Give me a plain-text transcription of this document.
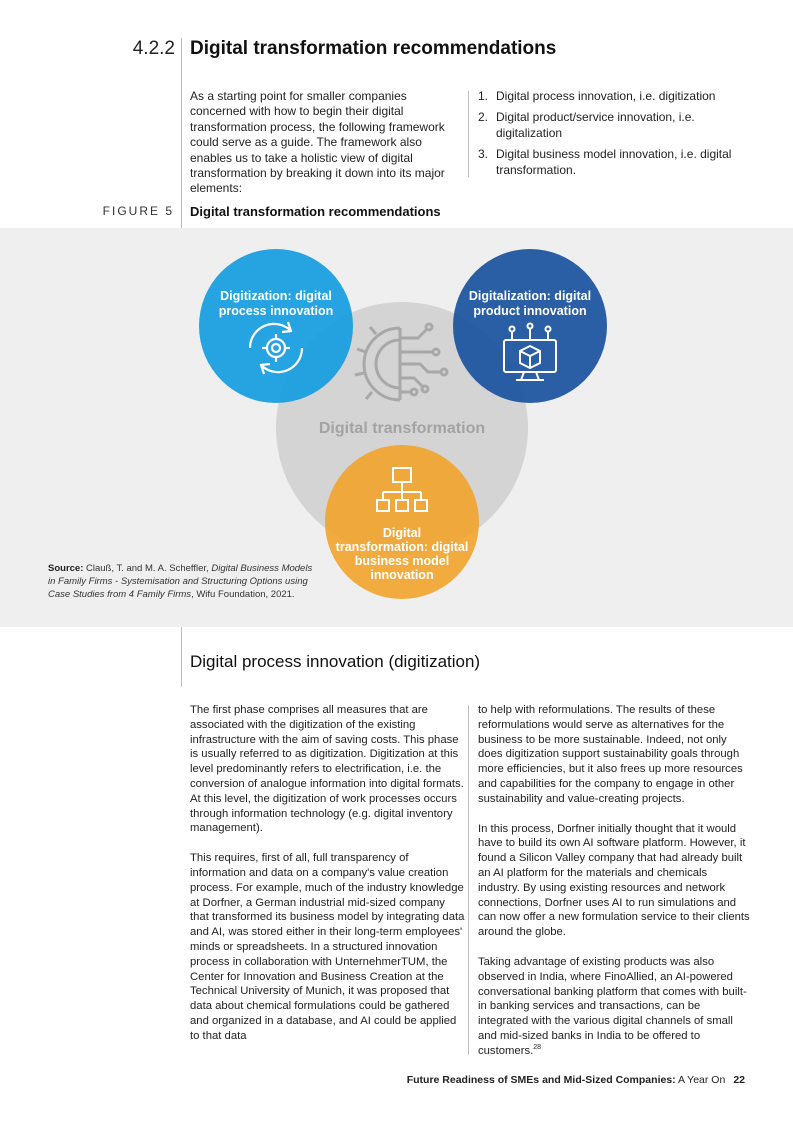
4.2.2 Digital transformation recommendations
As a starting point for smaller companies concerned with how to begin their digital transformation process, the following framework could serve as a guide. The framework also enables us to take a holistic view of digital transformation by breaking it down into its major elements:
1. Digital process innovation, i.e. digitization
2. Digital product/service innovation, i.e. digitalization
3. Digital business model innovation, i.e. digital transformation.
FIGURE 5 Digital transformation recommendations
Digitization: digital
process innovation
Digitalization: digital
product innovation
Digital transformation
Digital
transformation: digital
business model
innovation
Source: Clauß, T. and M. A. Scheffler, Digital Business Models in Family Firms - Systemisation and Structuring Options using Case Studies from 4 Family Firms, Wifu Foundation, 2021.
Digital process innovation (digitization)

The first phase comprises all measures that are associated with the digitization of the existing infrastructure with the aim of saving costs. This phase is usually referred to as digitization. Digitization at this level predominantly refers to electrification, i.e. the conversion of analogue information into digital formats. At this level, the digitization of work processes occurs through information technology (e.g. digital inventory management).

This requires, first of all, full transparency of information and data on a company's value creation process. For example, much of the industry knowledge at Dorfner, a German industrial mid-sized company that transformed its business model by integrating data and AI, was stored either in their long-term employees' minds or spreadsheets. In a structured innovation process in collaboration with UnternehmerTUM, the Center for Innovation and Business Creation at the Technical University of Munich, it was proposed that data about chemical formulations could be gathered and organized in a database, and AI could be applied to that data

to help with reformulations. The results of these reformulations would serve as alternatives for the business to be more sustainable. Indeed, not only does digitization support sustainability goals through more efficiencies, but it also frees up more resources and capabilities for the company to engage in other sustainability and value-creating projects.

In this process, Dorfner initially thought that it would have to build its own AI software platform. However, it found a Silicon Valley company that had already built an AI platform for the materials and chemicals industry. By using existing resources and network connections, Dorfner uses AI to run simulations and can now offer a new formulation service to their clients around the globe.

Taking advantage of existing products was also observed in India, where FinoAllied, an AI-powered conversational banking platform that comes with built-in banking services and transactions, can be integrated with the various digital channels of small and mid-sized banks in India to be offered to customers.$^{28}$

Future Readiness of SMEs and Mid-Sized Companies: A Year On 22
